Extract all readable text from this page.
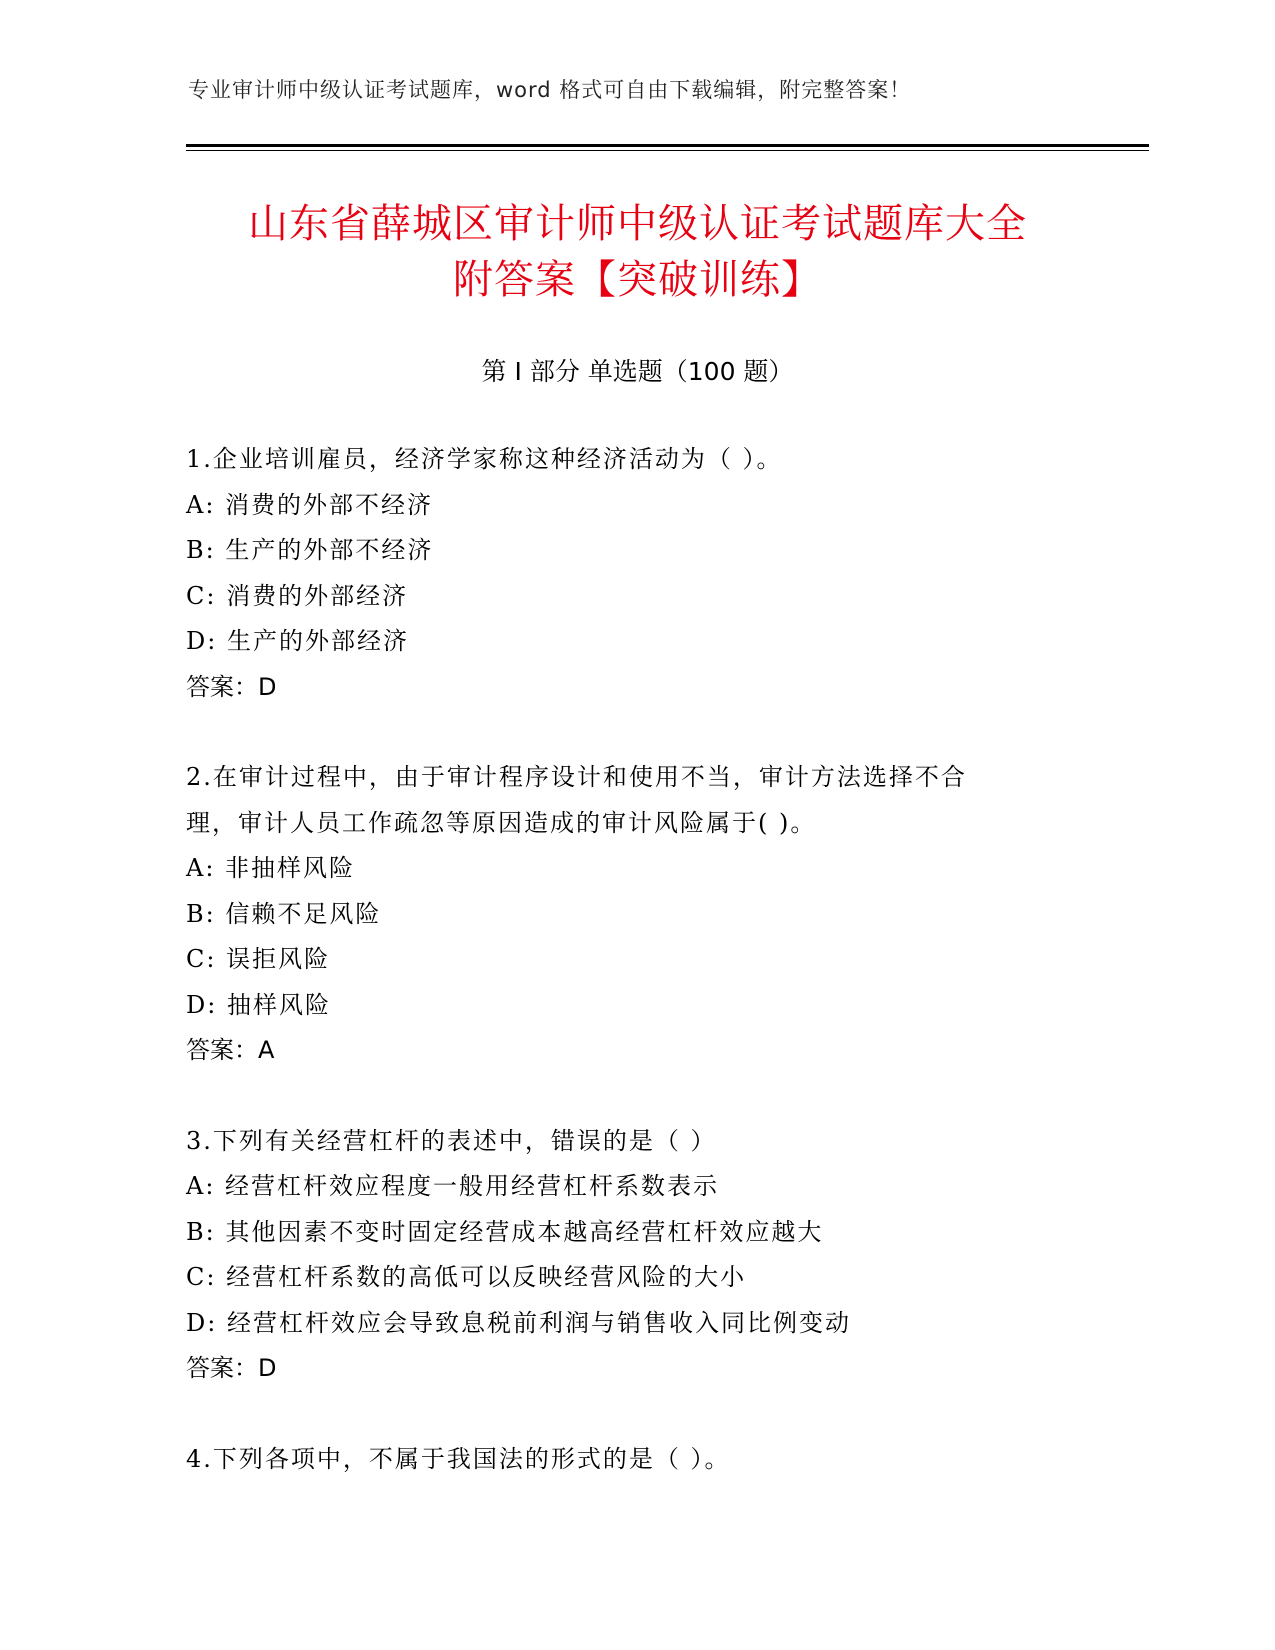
专业审计师中级认证考试题库，word 格式可自由下载编辑，附完整答案！
山东省薛城区审计师中级认证考试题库大全
附答案【突破训练】
第 I 部分 单选题（100 题）
1.企业培训雇员，经济学家称这种经济活动为（ ）。
A: 消费的外部不经济
B: 生产的外部不经济
C: 消费的外部经济
D: 生产的外部经济
答案：D
2.在审计过程中，由于审计程序设计和使用不当，审计方法选择不合
理，审计人员工作疏忽等原因造成的审计风险属于( )。
A: 非抽样风险
B: 信赖不足风险
C: 误拒风险
D: 抽样风险
答案：A
3.下列有关经营杠杆的表述中，错误的是（ ）
A: 经营杠杆效应程度一般用经营杠杆系数表示
B: 其他因素不变时固定经营成本越高经营杠杆效应越大
C: 经营杠杆系数的高低可以反映经营风险的大小
D: 经营杠杆效应会导致息税前利润与销售收入同比例变动
答案：D
4.下列各项中，不属于我国法的形式的是（ ）。
